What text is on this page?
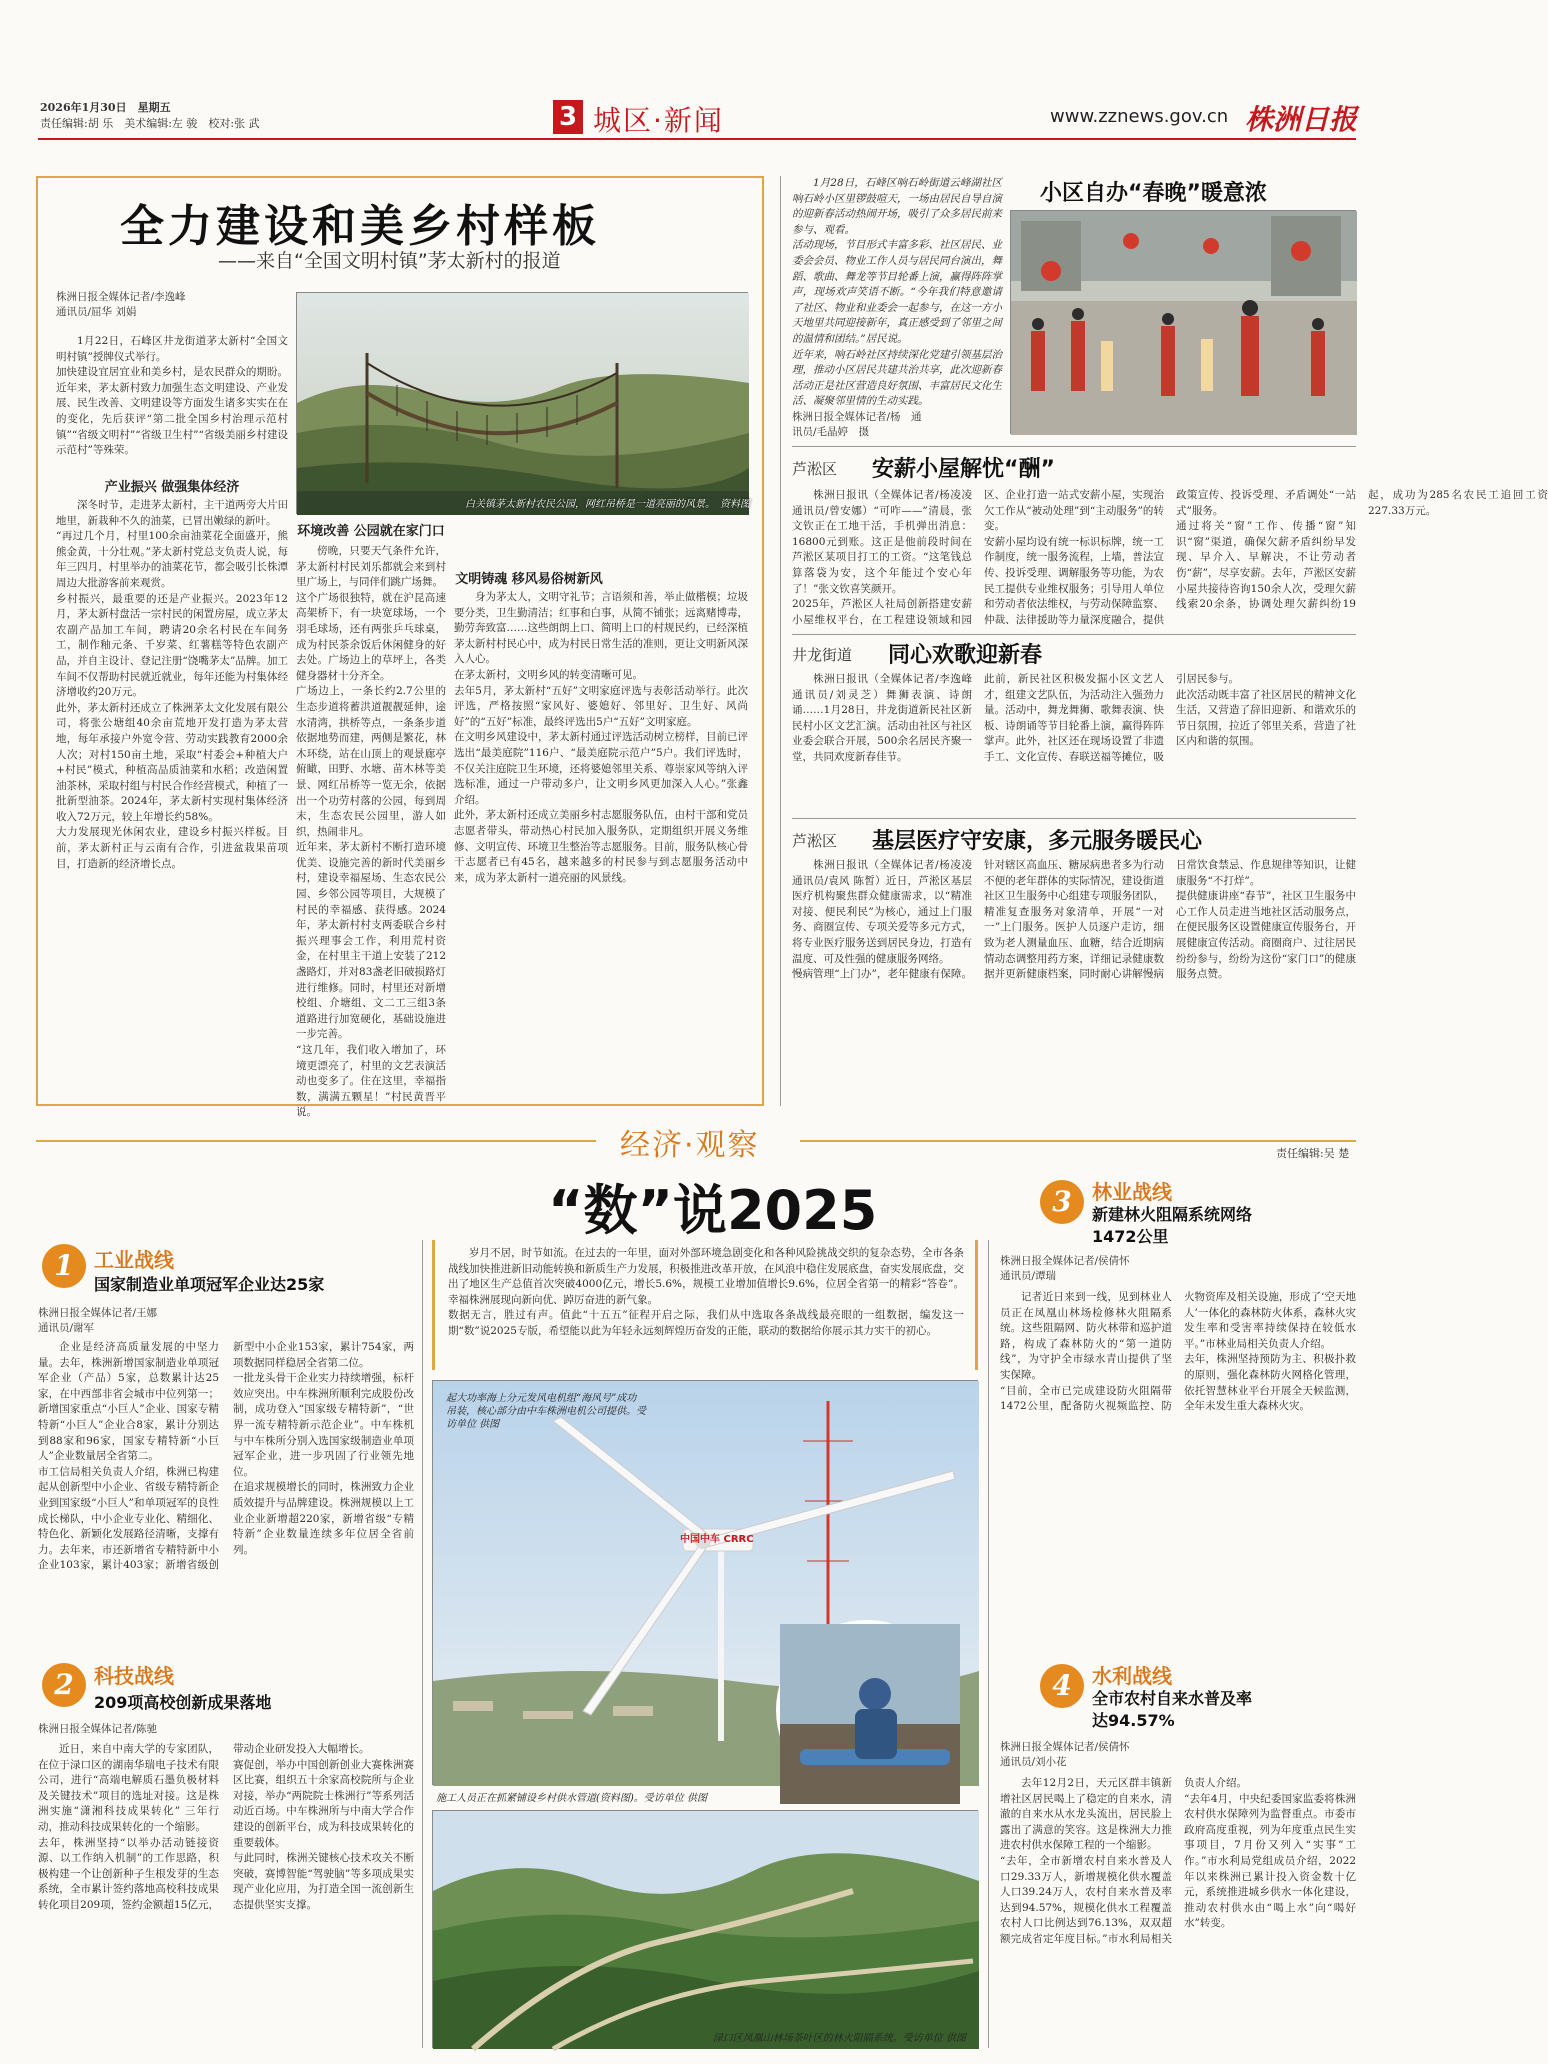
2026年1月30日　星期五
责任编辑:胡 乐　美术编辑:左 骏　校对:张 武	3 城区·新闻	www.zznews.gov.cn 株洲日报
全力建设和美乡村样板
——来自“全国文明村镇”茅太新村的报道
株洲日报全媒体记者/李逸峰
通讯员/屈华 刘娟
1月22日，石峰区井龙街道茅太新村“全国文明村镇”授牌仪式举行。
加快建设宜居宜业和美乡村，是农民群众的期盼。近年来，茅太新村致力加强生态文明建设、产业发展、民生改善、文明建设等方面发生诸多实实在在的变化，先后获评“第二批全国乡村治理示范村镇”“省级文明村”“省级卫生村”“省级美丽乡村建设示范村”等殊荣。
产业振兴 做强集体经济
深冬时节，走进茅太新村，主干道两旁大片田地里，新栽种不久的油菜，已冒出嫩绿的新叶。
“再过几个月，村里100余亩油菜花全面盛开，熊熊金黄，十分壮观。”茅太新村党总支负责人说，每年三四月，村里举办的油菜花节，都会吸引长株潭周边大批游客前来观赏。
乡村振兴，最重要的还是产业振兴。2023年12月，茅太新村盘活一宗村民的闲置房屋，成立茅太农副产品加工车间，聘请20余名村民在车间务工，制作釉元条、千岁菜、红薯糕等特色农副产品，并自主设计、登记注册“饶嘴茅太”品牌。加工车间不仅帮助村民就近就业，每年还能为村集体经济增收约20万元。
此外，茅太新村还成立了株洲茅太文化发展有限公司，将张公塘组40余亩荒地开发打造为茅太营地，每年承接户外宽令营、劳动实践教育2000余人次；对村150亩土地，采取“村委会+种植大户+村民”模式，种植高品质油菜和水稻；改造闲置油茶林，采取村组与村民合作经营模式，种植了一批新型油茶。2024年，茅太新村实现村集体经济收入72万元，较上年增长约58%。
大力发展现光休闲农业，建设乡村振兴样板。目前，茅太新村正与云南有合作，引进盆栽果苗项目，打造新的经济增长点。
白关镇茅太新村农民公园，网红吊桥是一道亮丽的风景。　资料图
环境改善 公园就在家门口
傍晚，只要天气条件允许，茅太新村村民刘乐都就会来到村里广场上，与同伴们跳广场舞。
这个广场很独特，就在沪昆高速高架桥下，有一块宽球场，一个羽毛球场，还有两张乒乓球桌，成为村民茶余饭后休闲健身的好去处。广场边上的草坪上，各类健身器材十分齐全。
广场边上，一条长约2.7公里的生态步道将蓄洪道靓靓延伸，途水清湾，拱桥等点，一条条步道依据地势而建，两侧是繁花，林木环绕，站在山顶上的观景廊亭俯瞰，田野、水塘、苗木林等美景、网红吊桥等一览无余，依据出一个功劳村落的公园，每到周末，生态农民公园里，游人如织，热闹非凡。
近年来，茅太新村不断打造环境优美、设施完善的新时代美丽乡村，建设幸福屋场、生态农民公园、乡邻公园等项目，大规模了村民的幸福感、获得感。2024年，茅太新村村支两委联合乡村振兴理事会工作，利用荒村资金，在村里主干道上安装了212盏路灯，并对83盏老旧破损路灯进行维修。同时，村里还对新增校组、介塘组、文二工三组3条道路进行加宽硬化，基础设施进一步完善。
“这几年，我们收入增加了，环境更漂亮了，村里的文艺表演活动也变多了。住在这里，幸福指数，满满五颗星！”村民黄晋平说。
文明铸魂 移风易俗树新风
身为茅太人，文明守礼节；言语须和善，举止做楷模；垃圾要分类，卫生勤清洁；红事和白事，从简不铺张；远离赌博毒，勤劳奔致富……这些朗朗上口、简明上口的村规民约，已经深植茅太新村村民心中，成为村民日常生活的准则，更让文明新风深入人心。
在茅太新村，文明乡风的转变清晰可见。
去年5月，茅太新村“五好”文明家庭评选与表彰活动举行。此次评选，严格按照“家风好、婆媳好、邻里好、卫生好、风尚好”的“五好”标准，最终评选出5户“五好”文明家庭。
在文明乡风建设中，茅太新村通过评选活动树立榜样，目前已评选出“最美庭院”116户、“最美庭院示范户”5户。我们评选时，不仅关注庭院卫生环境，还将婆媳邻里关系、尊崇家风等纳入评选标准，通过一户带动多户，让文明乡风更加深入人心。”张鑫介绍。
此外，茅太新村还成立美丽乡村志愿服务队伍，由村干部和党员志愿者带头，带动热心村民加入服务队，定期组织开展义务维修、文明宣传、环境卫生整治等志愿服务。目前，服务队核心骨干志愿者已有45名，越来越多的村民参与到志愿服务活动中来，成为茅太新村一道亮丽的风景线。
1月28日，石峰区响石岭街道云峰湖社区响石岭小区里锣鼓喧天，一场由居民自导自演的迎新春活动热闹开场，吸引了众多居民前来参与、观看。
活动现场，节目形式丰富多彩、社区居民、业委会会员、物业工作人员与居民同台演出，舞蹈、歌曲、舞龙等节目轮番上演，赢得阵阵掌声，现场欢声笑语不断。“今年我们特意邀请了社区、物业和业委会一起参与，在这一方小天地里共同迎接新年，真正感受到了邻里之间的温情和团结。”居民说。
近年来，响石岭社区持续深化党建引领基层治理，推动小区居民共建共治共享，此次迎新春活动正是社区营造良好氛围、丰富居民文化生活、凝聚邻里情的生动实践。
株洲日报全媒体记者/杨　通
讯员/毛晶婷　摄
小区自办“春晚”暖意浓
芦淞区 安薪小屋解忧“酬”
株洲日报讯（全媒体记者/杨凌凌 通讯员/曾安娜）“可咋——”清晨，张文钦正在工地干活，手机弹出消息：16800元到账。这正是他前段时间在芦淞区某项目打工的工资。“这笔钱总算落袋为安，这个年能过个安心年了！”张文钦喜笑颜开。
2025年，芦淞区人社局创新搭建安薪小屋维权平台，在工程建设领域和园区、企业打造一站式安薪小屋，实现治欠工作从“被动处理”到“主动服务”的转变。
安薪小屋均设有统一标识标牌，统一工作制度，统一服务流程，上墙，普法宣传、投诉受理、调解服务等功能，为农民工提供专业维权服务；引导用人单位和劳动者依法维权，与劳动保障监察、仲裁、法律援助等力量深度融合，提供政策宣传、投诉受理、矛盾调处“一站式”服务。
通过将关“窗”工作、传播“窗”知识“窗”渠道，确保欠薪矛盾纠纷早发现、早介入、早解决，不让劳动者伤“薪”，尽享安薪。去年，芦淞区安薪小屋共接待咨询150余人次，受理欠薪线索20余条，协调处理欠薪纠纷19起，成功为285名农民工追回工资227.33万元。
井龙街道 同心欢歌迎新春
株洲日报讯（全媒体记者/李逸峰 通讯员/刘灵芝）舞狮表演、诗朗诵……1月28日，井龙街道新民社区新民村小区文艺汇演。活动由社区与社区业委会联合开展，500余名居民齐聚一堂，共同欢度新春佳节。
此前，新民社区积极发掘小区文艺人才，组建文艺队伍，为活动注入强劲力量。活动中，舞龙舞狮、歌舞表演、快板、诗朗诵等节目轮番上演，赢得阵阵掌声。此外，社区还在现场设置了非遗手工、文化宣传、春联送福等摊位，吸引居民参与。
此次活动既丰富了社区居民的精神文化生活，又营造了辞旧迎新、和谐欢乐的节日氛围，拉近了邻里关系，营造了社区内和谐的氛围。
芦淞区 基层医疗守安康，多元服务暖民心
株洲日报讯（全媒体记者/杨凌凌 通讯员/袁风 陈皙）近日，芦淞区基层医疗机构聚焦群众健康需求，以“精准对接、便民利民”为核心，通过上门服务、商圈宣传、专项关爱等多元方式，将专业医疗服务送到居民身边，打造有温度、可及性强的健康服务网络。
慢病管理“上门办”，老年健康有保障。针对辖区高血压、糖尿病患者多为行动不便的老年群体的实际情况，建设街道社区卫生服务中心组建专项服务团队，精准复查服务对象清单，开展“一对一”上门服务。医护人员逐户走访，细致为老人测量血压、血糖，结合近期病情动态调整用药方案，详细记录健康数据并更新健康档案，同时耐心讲解慢病日常饮食禁忌、作息规律等知识，让健康服务“不打烊”。
提供健康讲座“春节”，社区卫生服务中心工作人员走进当地社区活动服务点，在便民服务区设置健康宣传服务台，开展健康宣传活动。商圈商户、过往居民纷纷参与，纷纷为这份“家门口”的健康服务点赞。
经济·观察	责任编辑:吴 楚
“数”说2025
岁月不居，时节如流。在过去的一年里，面对外部环境急剧变化和各种风险挑战交织的复杂态势，全市各条战线加快推进新旧动能转换和新质生产力发展，积极推进改革开放，在风浪中稳住发展底盘，奋实发展底盘，交出了地区生产总值首次突破4000亿元，增长5.6%，规模工业增加值增长9.6%，位居全省第一的精彩“答卷”。幸福株洲展现向新向优、踔厉奋进的新气象。
数据无言，胜过有声。值此“十五五”征程开启之际，我们从中选取各条战线最亮眼的一组数据，编发这一期“数”说2025专版，希望能以此为年轻永远刻辉煌历奋发的正能，联动的数据给你展示其力实干的初心。
起大功率海上分元发风电机组“海风号”成功吊装，核心部分由中车株洲电机公司提供。受访单位 供图
中国中车 CRRC
施工人员正在抓紧铺设乡村供水管道(资料图)。受访单位 供图
渌口区凤凰山林场茶叶区的林火阻隔系统。受访单位 供图
1	工业战线
国家制造业单项冠军企业达25家
株洲日报全媒体记者/王娜
通讯员/谢军
企业是经济高质量发展的中坚力量。去年，株洲新增国家制造业单项冠军企业（产品）5家，总数累计达25家，在中西部非省会城市中位列第一；新增国家重点“小巨人”企业、国家专精特新“小巨人”企业合8家，累计分别达到88家和96家，国家专精特新“小巨人”企业数量居全省第二。
市工信局相关负责人介绍，株洲已构建起从创新型中小企业、省级专精特新企业到国家级“小巨人”和单项冠军的良性成长梯队，中小企业专业化、精细化、特色化、新颖化发展路径清晰，支撑有力。去年来，市还新增省专精特新中小企业103家，累计403家；新增省级创新型中小企业153家，累计754家，两项数据同样稳居全省第二位。
一批龙头骨干企业实力持续增强，标杆效应突出。中车株洲所顺利完成股份改制，成功登入“国家级专精特新”，“世界一流专精特新示范企业”。中车株机与中车株所分别入选国家级制造业单项冠军企业，进一步巩固了行业领先地位。
在追求规模增长的同时，株洲致力企业质效提升与品牌建设。株洲规模以上工业企业新增超220家，新增省级“专精特新”企业数量连续多年位居全省前列。
2	科技战线
209项高校创新成果落地
株洲日报全媒体记者/陈驰
近日，来自中南大学的专家团队，在位于渌口区的湖南华瑞电子技术有限公司，进行“高端电解质石墨负极材料及关键技术”项目的选址对接。这是株洲实施“潇湘科技成果转化” 三年行动，推动科技成果转化的一个缩影。
去年，株洲坚持“以举办活动链接资源、以工作纳入机制”的工作思路，积极构建一个让创新种子生根发芽的生态系统，全市累计签约落地高校科技成果转化项目209项，签约金额超15亿元，带动企业研发投入大幅增长。
赛促创，举办中国创新创业大赛株洲赛区比赛，组织五十余家高校院所与企业对接，举办“两院院士株洲行”等系列活动近百场。中车株洲所与中南大学合作建设的创新平台，成为科技成果转化的重要载体。
与此同时，株洲关键核心技术攻关不断突破，赛博智能“驾驶脑”等多项成果实现产业化应用，为打造全国一流创新生态提供坚实支撑。
3	林业战线
新建林火阻隔系统网络
1472公里
株洲日报全媒体记者/侯倩怀
通讯员/谭瑞
记者近日来到一线，见到林业人员正在凤凰山林场检修林火阻隔系统。这些阻隔网、防火林带和巡护道路，构成了森林防火的“第一道防线”，为守护全市绿水青山提供了坚实保障。
“目前，全市已完成建设防火阻隔带1472公里，配备防火视频监控、防火物资库及相关设施，形成了‘空天地人’一体化的森林防火体系，森林火灾发生率和受害率持续保持在较低水平。”市林业局相关负责人介绍。
去年，株洲坚持预防为主、积极扑救的原则，强化森林防火网格化管理，依托智慧林业平台开展全天候监测，全年未发生重大森林火灾。
4	水利战线
全市农村自来水普及率
达94.57%
株洲日报全媒体记者/侯倩怀
通讯员/刘小花
去年12月2日，天元区群丰镇新增社区居民喝上了稳定的自来水，清澈的自来水从水龙头流出，居民脸上露出了满意的笑容。这是株洲大力推进农村供水保障工程的一个缩影。
“去年，全市新增农村自来水普及人口29.33万人，新增规模化供水覆盖人口39.24万人，农村自来水普及率达到94.57%，规模化供水工程覆盖农村人口比例达到76.13%，双双超额完成省定年度目标。”市水利局相关负责人介绍。
“去年4月，中央纪委国家监委将株洲农村供水保障列为监督重点。市委市政府高度重视，列为年度重点民生实事项目，7月份又列入“实事”工作。”市水利局党组成员介绍，2022年以来株洲已累计投入资金数十亿元，系统推进城乡供水一体化建设，推动农村供水由“喝上水”向“喝好水”转变。
